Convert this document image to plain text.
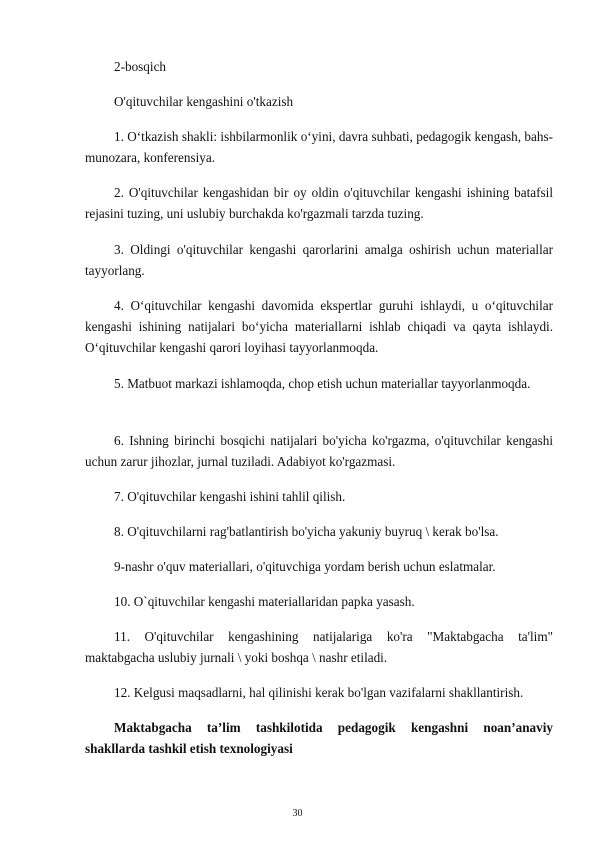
2-bosqich

O'qituvchilar kengashini o'tkazish

1. O‘tkazish shakli: ishbilarmonlik o‘yini, davra suhbati, pedagogik kengash, bahs-munozara, konferensiya.

2. O'qituvchilar kengashidan bir oy oldin o'qituvchilar kengashi ishining batafsil rejasini tuzing, uni uslubiy burchakda ko'rgazmali tarzda tuzing.

3. Oldingi o'qituvchilar kengashi qarorlarini amalga oshirish uchun materiallar tayyorlang.

4. O‘qituvchilar kengashi davomida ekspertlar guruhi ishlaydi, u o‘qituvchilar kengashi ishining natijalari bo‘yicha materiallarni ishlab chiqadi va qayta ishlaydi. O‘qituvchilar kengashi qarori loyihasi tayyorlanmoqda.

5. Matbuot markazi ishlamoqda, chop etish uchun materiallar tayyorlanmoqda.

6. Ishning birinchi bosqichi natijalari bo'yicha ko'rgazma, o'qituvchilar kengashi uchun zarur jihozlar, jurnal tuziladi. Adabiyot ko'rgazmasi.

7. O'qituvchilar kengashi ishini tahlil qilish.

8. O'qituvchilarni rag'batlantirish bo'yicha yakuniy buyruq \ kerak bo'lsa.

9-nashr o'quv materiallari, o'qituvchiga yordam berish uchun eslatmalar.

10. O`qituvchilar kengashi materiallaridan papka yasash.

11. O'qituvchilar kengashining natijalariga ko'ra "Maktabgacha ta'lim" maktabgacha uslubiy jurnali \ yoki boshqa \ nashr etiladi.

12. Kelgusi maqsadlarni, hal qilinishi kerak bo'lgan vazifalarni shakllantirish.

Maktabgacha ta’lim tashkilotida pedagogik kengashni noan’anaviy shakllarda tashkil etish texnologiyasi

30
